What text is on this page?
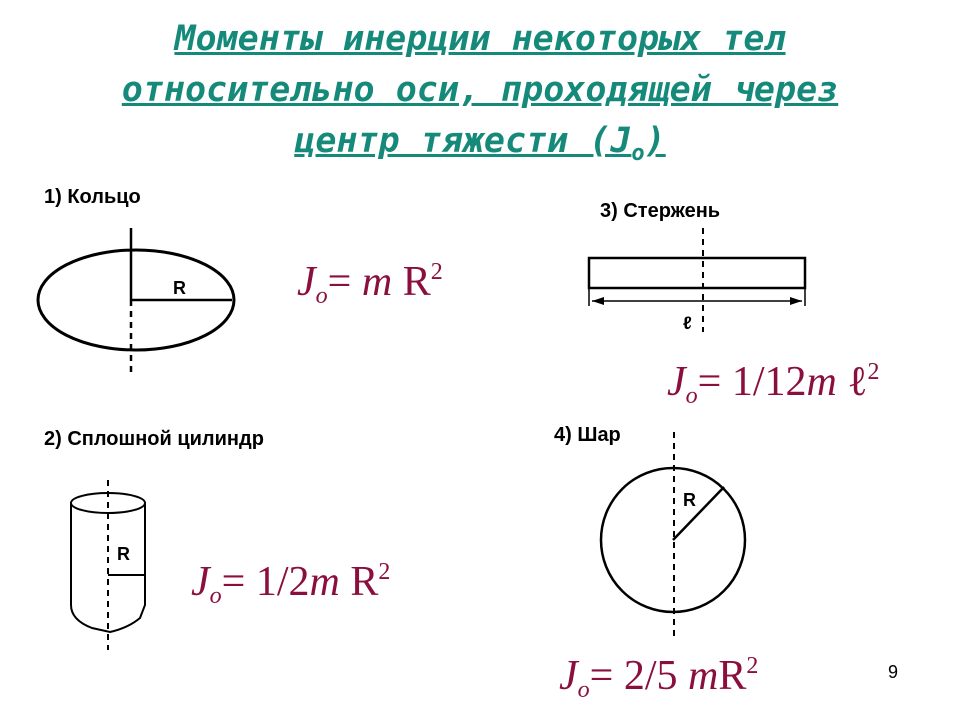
Моменты инерции некоторых тел
относительно оси, проходящей через
центр тяжести $(J_о)$
1) Кольцо
2) Сплошной цилиндр
3) Стержень
4) Шар
R
R
ℓ
R
$J_о= m$ $R^2$
$J_о= 1/2m$ $R^2$
$J_о= 1/12m$ ℓ$^2$
$J_о= 2/5$ $mR^2$	9
